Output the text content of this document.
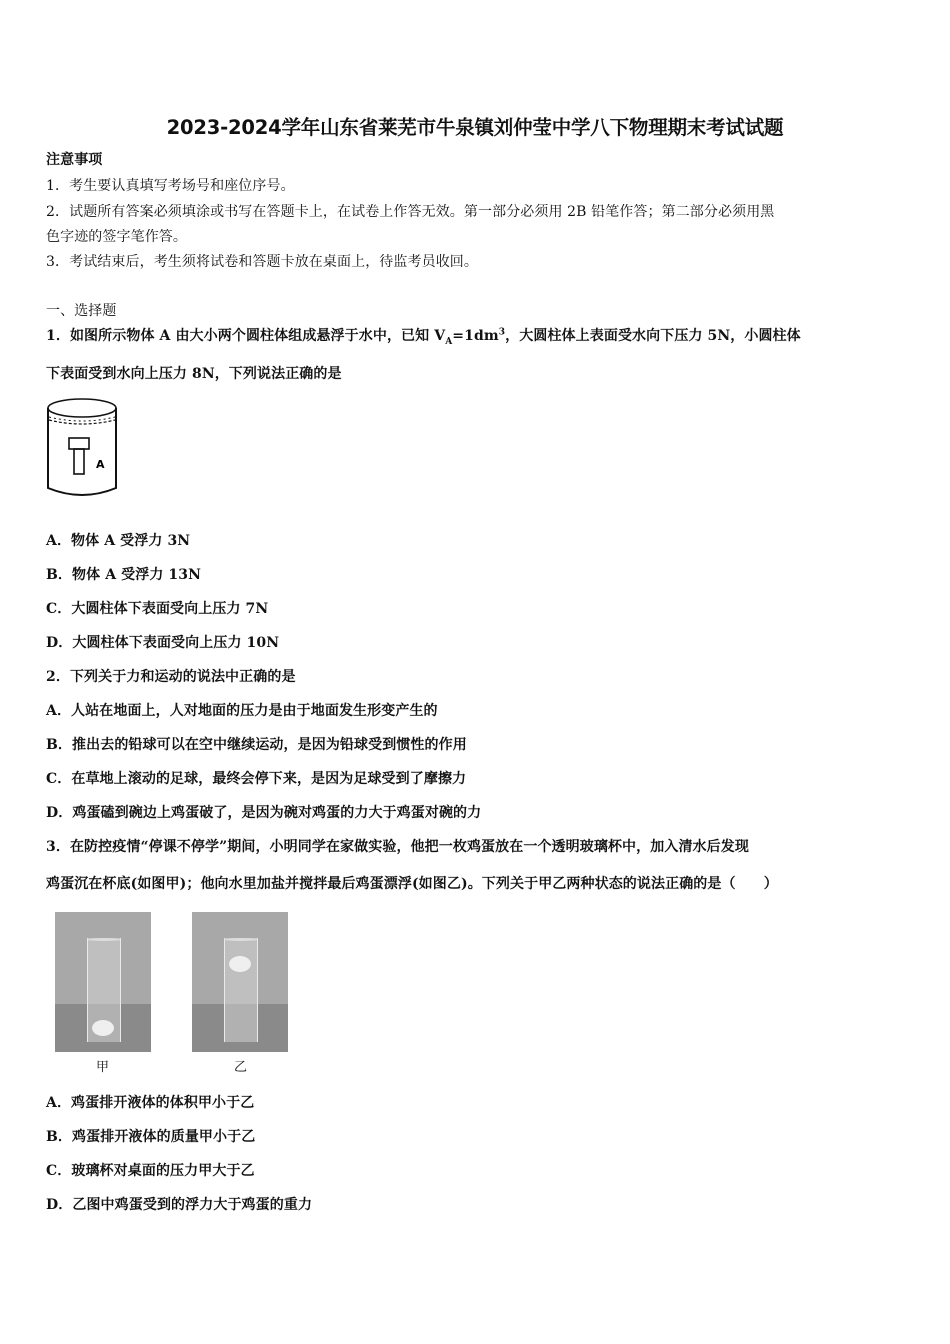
2023-2024学年山东省莱芜市牛泉镇刘仲莹中学八下物理期末考试试题
注意事项
1．考生要认真填写考场号和座位序号。
2．试题所有答案必须填涂或书写在答题卡上，在试卷上作答无效。第一部分必须用 2B 铅笔作答；第二部分必须用黑
色字迹的签字笔作答。
3．考试结束后，考生须将试卷和答题卡放在桌面上，待监考员收回。
一、选择题
1．如图所示物体 A 由大小两个圆柱体组成悬浮于水中，已知 $V_A=1dm^3$，大圆柱体上表面受水向下压力 5N，小圆柱体
下表面受到水向上压力 8N，下列说法正确的是
A
A．物体 A 受浮力 3N
B．物体 A 受浮力 13N
C．大圆柱体下表面受向上压力 7N
D．大圆柱体下表面受向上压力 10N
2．下列关于力和运动的说法中正确的是
A．人站在地面上，人对地面的压力是由于地面发生形变产生的
B．推出去的铅球可以在空中继续运动，是因为铅球受到惯性的作用
C．在草地上滚动的足球，最终会停下来，是因为足球受到了摩擦力
D．鸡蛋磕到碗边上鸡蛋破了，是因为碗对鸡蛋的力大于鸡蛋对碗的力
3．在防控疫情“停课不停学”期间，小明同学在家做实验，他把一枚鸡蛋放在一个透明玻璃杯中，加入清水后发现
鸡蛋沉在杯底(如图甲)；他向水里加盐并搅拌最后鸡蛋漂浮(如图乙)。下列关于甲乙两种状态的说法正确的是（　　）
甲	乙
A．鸡蛋排开液体的体积甲小于乙
B．鸡蛋排开液体的质量甲小于乙
C．玻璃杯对桌面的压力甲大于乙
D．乙图中鸡蛋受到的浮力大于鸡蛋的重力
